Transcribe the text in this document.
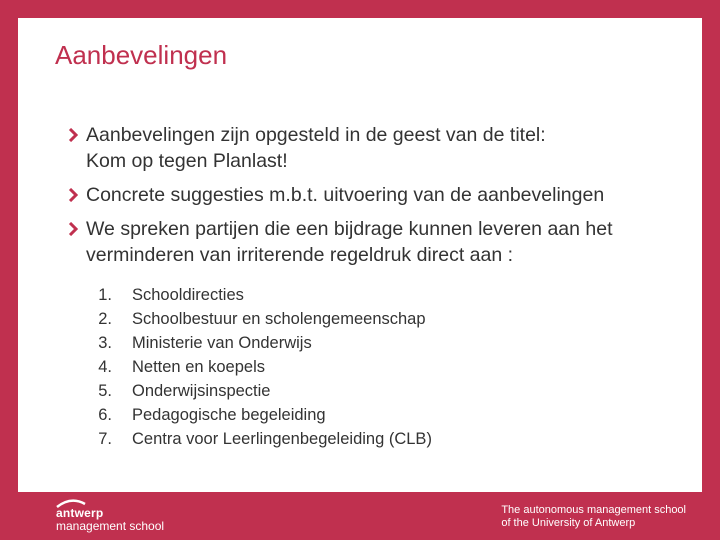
Aanbevelingen
Aanbevelingen zijn opgesteld in de geest van de titel:
Kom op tegen Planlast!
Concrete suggesties m.b.t. uitvoering van de aanbevelingen
We spreken partijen die een bijdrage kunnen leveren aan het
verminderen van irriterende regeldruk direct aan :
1.	Schooldirecties
2.	Schoolbestuur en scholengemeenschap
3.	Ministerie van Onderwijs
4.	Netten en koepels
5.	Onderwijsinspectie
6.	Pedagogische begeleiding
7.	Centra voor Leerlingenbegeleiding (CLB)
antwerp
management school
The autonomous management school
of the University of Antwerp
